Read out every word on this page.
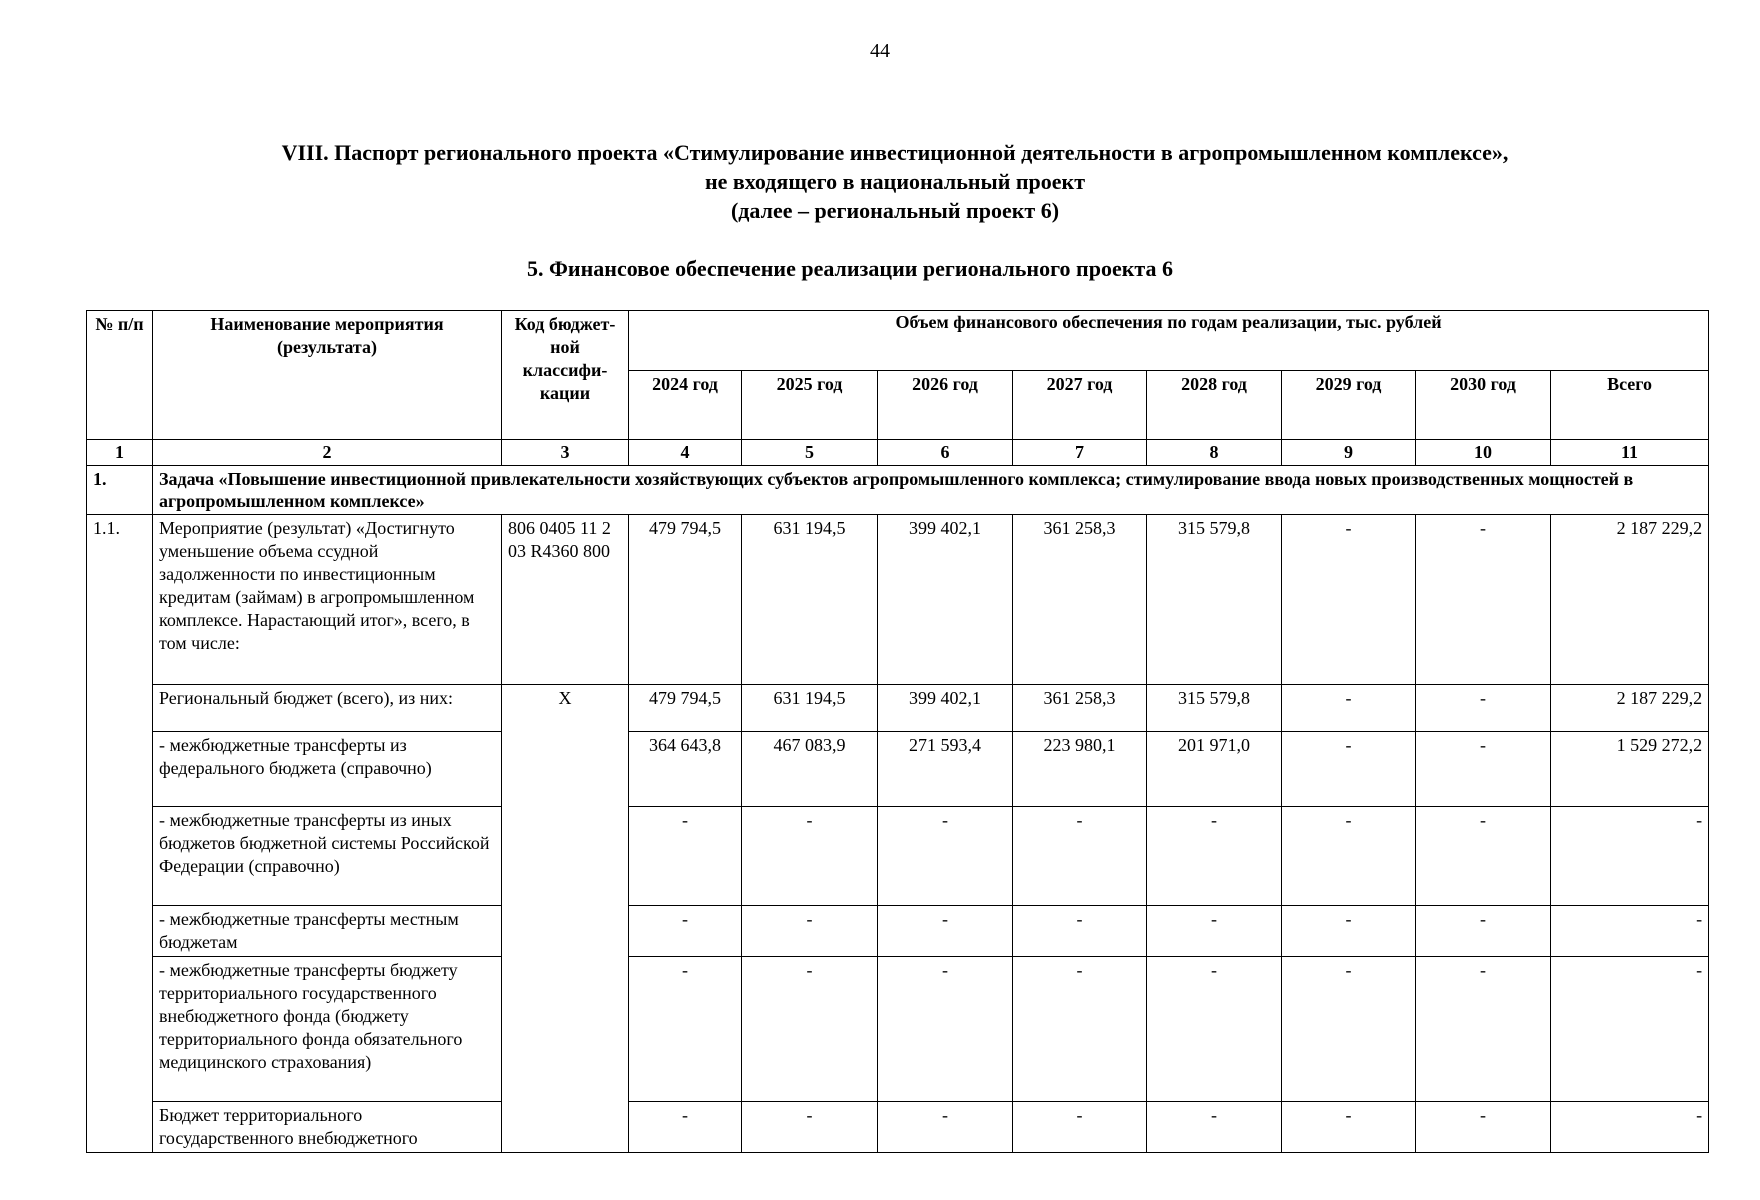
44
VIII. Паспорт регионального проекта «Стимулирование инвестиционной деятельности в агропромышленном комплексе»,
не входящего в национальный проект
(далее – региональный проект 6)
5. Финансовое обеспечение реализации регионального проекта 6
№ п/п	Наименование мероприятия (результата)	Код бюджет-ной классифи-кации	Объем финансового обеспечения по годам реализации, тыс. рублей							
			2024 год	2025 год	2026 год	2027 год	2028 год	2029 год	2030 год	Всего
1	2	3	4	5	6	7	8	9	10	11
1.	Задача «Повышение инвестиционной привлекательности хозяйствующих субъектов агропромышленного комплекса; стимулирование ввода новых производственных мощностей в агропромышленном комплексе»									
1.1.	Мероприятие (результат) «Достигнуто уменьшение объема ссудной задолженности по инвестиционным кредитам (займам) в агропромышленном комплексе. Нарастающий итог», всего, в том числе:	806 0405 11 2 03 R4360 800	479 794,5	631 194,5	399 402,1	361 258,3	315 579,8	-	-	2 187 229,2
	Региональный бюджет (всего), из них:	Х	479 794,5	631 194,5	399 402,1	361 258,3	315 579,8	-	-	2 187 229,2
	- межбюджетные трансферты из федерального бюджета (справочно)		364 643,8	467 083,9	271 593,4	223 980,1	201 971,0	-	-	1 529 272,2
	- межбюджетные трансферты из иных бюджетов бюджетной системы Российской Федерации (справочно)		-	-	-	-	-	-	-	-
	- межбюджетные трансферты местным бюджетам		-	-	-	-	-	-	-	-
	- межбюджетные трансферты бюджету территориального государственного внебюджетного фонда (бюджету территориального фонда обязательного медицинского страхования)		-	-	-	-	-	-	-	-
	Бюджет территориального государственного внебюджетного		-	-	-	-	-	-	-	-
